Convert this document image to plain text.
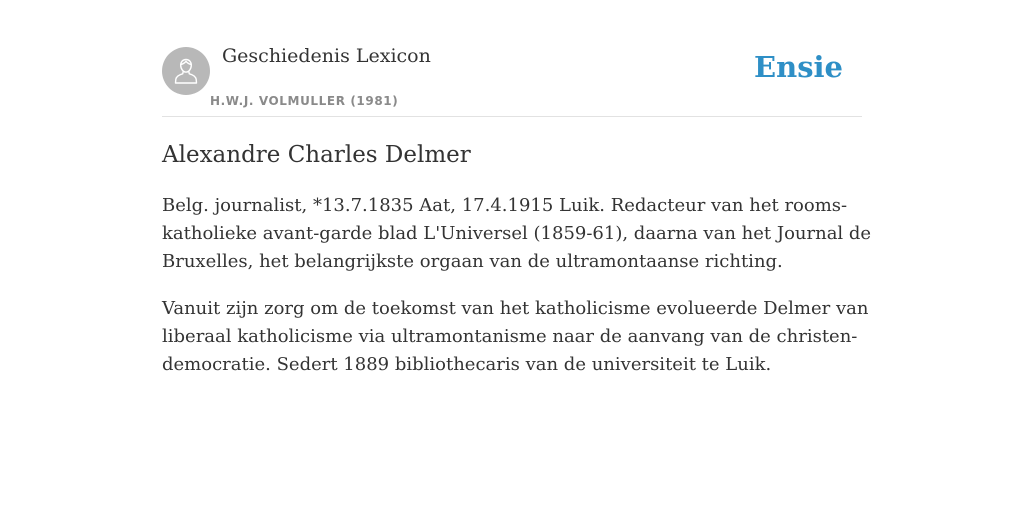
Geschiedenis Lexicon
H.W.J. VOLMULLER (1981)
Ensie
Alexandre Charles Delmer

Belg. journalist, *13.7.1835 Aat, 17.4.1915 Luik. Redacteur van het rooms-
katholieke avant-garde blad L'Universel (1859-61), daarna van het Journal de
Bruxelles, het belangrijkste orgaan van de ultramontaanse richting.

Vanuit zijn zorg om de toekomst van het katholicisme evolueerde Delmer van
liberaal katholicisme via ultramontanisme naar de aanvang van de christen-
democratie. Sedert 1889 bibliothecaris van de universiteit te Luik.
